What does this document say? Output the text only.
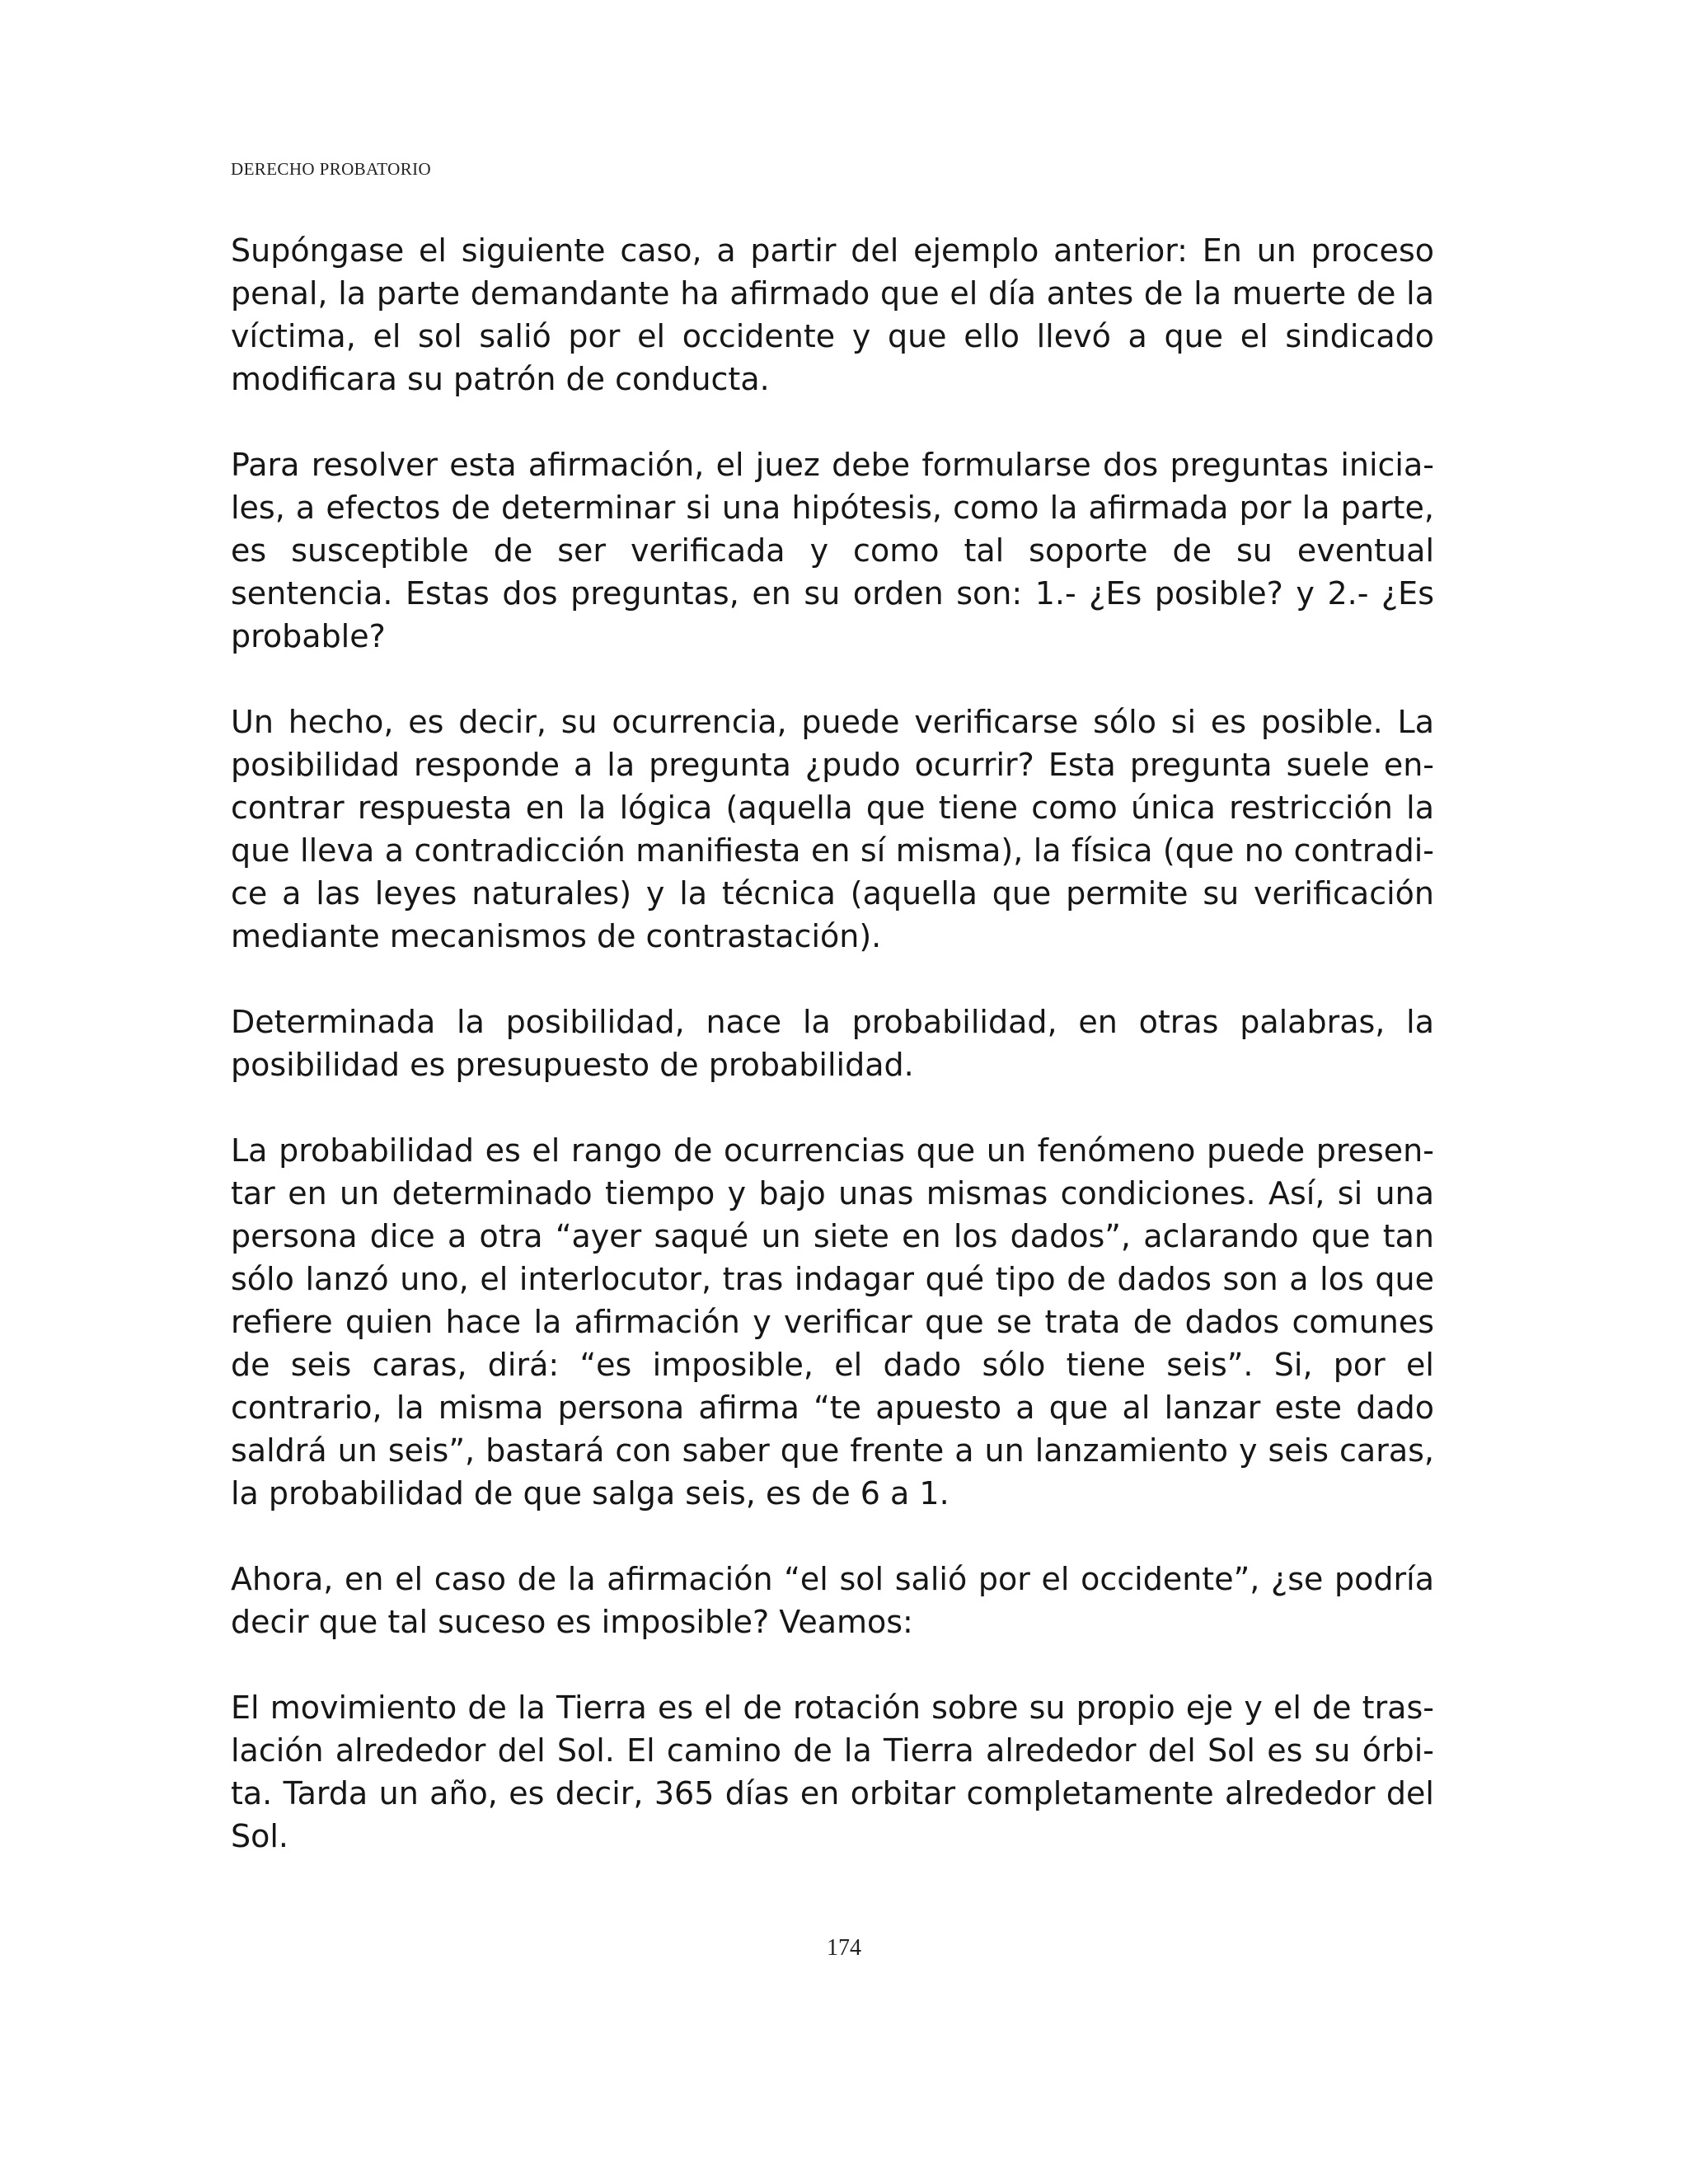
DERECHO PROBATORIO

Supóngase el siguiente caso, a partir del ejemplo anterior: En un proceso penal, la parte demandante ha afirmado que el día antes de la muerte de la víctima, el sol salió por el occidente y que ello llevó a que el sindicado modificara su patrón de conducta.

Para resolver esta afirmación, el juez debe formularse dos preguntas iniciales, a efectos de determinar si una hipótesis, como la afirmada por la parte, es susceptible de ser verificada y como tal soporte de su eventual sentencia. Estas dos preguntas, en su orden son: 1.- ¿Es posible? y 2.- ¿Es probable?

Un hecho, es decir, su ocurrencia, puede verificarse sólo si es posible. La posibilidad responde a la pregunta ¿pudo ocurrir? Esta pregunta suele encontrar respuesta en la lógica (aquella que tiene como única restricción la que lleva a contradicción manifiesta en sí misma), la física (que no contradice a las leyes naturales) y la técnica (aquella que permite su verificación mediante mecanismos de contrastación).

Determinada la posibilidad, nace la probabilidad, en otras palabras, la posibilidad es presupuesto de probabilidad.

La probabilidad es el rango de ocurrencias que un fenómeno puede presentar en un determinado tiempo y bajo unas mismas condiciones. Así, si una persona dice a otra “ayer saqué un siete en los dados”, aclarando que tan sólo lanzó uno, el interlocutor, tras indagar qué tipo de dados son a los que refiere quien hace la afirmación y verificar que se trata de dados comunes de seis caras, dirá: “es imposible, el dado sólo tiene seis”. Si, por el contrario, la misma persona afirma “te apuesto a que al lanzar este dado saldrá un seis”, bastará con saber que frente a un lanzamiento y seis caras, la probabilidad de que salga seis, es de 6 a 1.

Ahora, en el caso de la afirmación “el sol salió por el occidente”, ¿se podría decir que tal suceso es imposible? Veamos:

El movimiento de la Tierra es el de rotación sobre su propio eje y el de traslación alrededor del Sol. El camino de la Tierra alrededor del Sol es su órbita. Tarda un año, es decir, 365 días en orbitar completamente alrededor del Sol.

174
